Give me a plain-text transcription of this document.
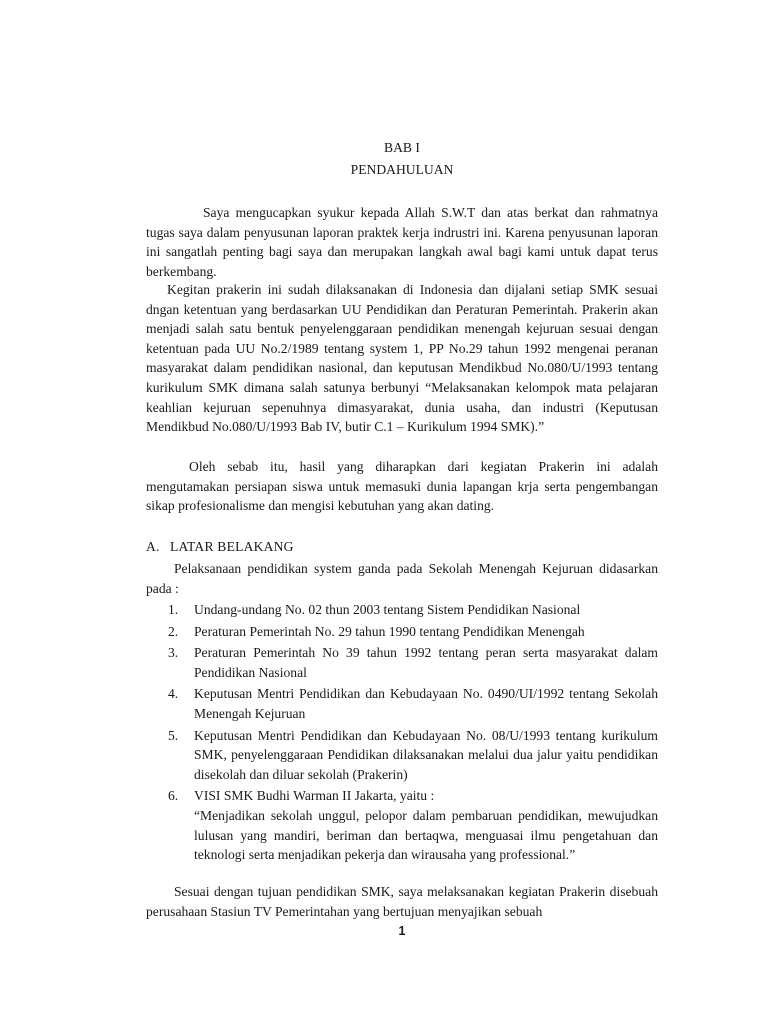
BAB I
PENDAHULUAN

Saya mengucapkan syukur kepada Allah S.W.T dan atas berkat dan rahmatnya tugas saya dalam penyusunan laporan praktek kerja indrustri ini. Karena penyusunan laporan ini sangatlah penting bagi saya dan merupakan langkah awal bagi kami untuk dapat terus berkembang.

Kegitan prakerin ini sudah dilaksanakan di Indonesia dan dijalani setiap SMK sesuai dngan ketentuan yang berdasarkan UU Pendidikan dan Peraturan Pemerintah. Prakerin akan menjadi salah satu bentuk penyelenggaraan pendidikan menengah kejuruan sesuai dengan ketentuan pada UU No.2/1989 tentang system 1, PP No.29 tahun 1992 mengenai peranan masyarakat dalam pendidikan nasional, dan keputusan Mendikbud No.080/U/1993 tentang kurikulum SMK dimana salah satunya berbunyi “Melaksanakan kelompok mata pelajaran keahlian kejuruan sepenuhnya dimasyarakat, dunia usaha, dan industri (Keputusan Mendikbud No.080/U/1993 Bab IV, butir C.1 – Kurikulum 1994 SMK).”

Oleh sebab itu, hasil yang diharapkan dari kegiatan Prakerin ini adalah mengutamakan persiapan siswa untuk memasuki dunia lapangan krja serta pengembangan sikap profesionalisme dan mengisi kebutuhan yang akan dating.

A. LATAR BELAKANG

Pelaksanaan pendidikan system ganda pada Sekolah Menengah Kejuruan didasarkan pada :

1. Undang-undang No. 02 thun 2003 tentang Sistem Pendidikan Nasional
2. Peraturan Pemerintah No. 29 tahun 1990 tentang Pendidikan Menengah
3. Peraturan Pemerintah No 39 tahun 1992 tentang peran serta masyarakat dalam Pendidikan Nasional
4. Keputusan Mentri Pendidikan dan Kebudayaan No. 0490/UI/1992 tentang Sekolah Menengah Kejuruan
5. Keputusan Mentri Pendidikan dan Kebudayaan No. 08/U/1993 tentang kurikulum SMK, penyelenggaraan Pendidikan dilaksanakan melalui dua jalur yaitu pendidikan disekolah dan diluar sekolah (Prakerin)
6. VISI SMK Budhi Warman II Jakarta, yaitu :
“Menjadikan sekolah unggul, pelopor dalam pembaruan pendidikan, mewujudkan lulusan yang mandiri, beriman dan bertaqwa, menguasai ilmu pengetahuan dan teknologi serta menjadikan pekerja dan wirausaha yang professional.”

Sesuai dengan tujuan pendidikan SMK, saya melaksanakan kegiatan Prakerin disebuah perusahaan Stasiun TV Pemerintahan yang bertujuan menyajikan sebuah

1
